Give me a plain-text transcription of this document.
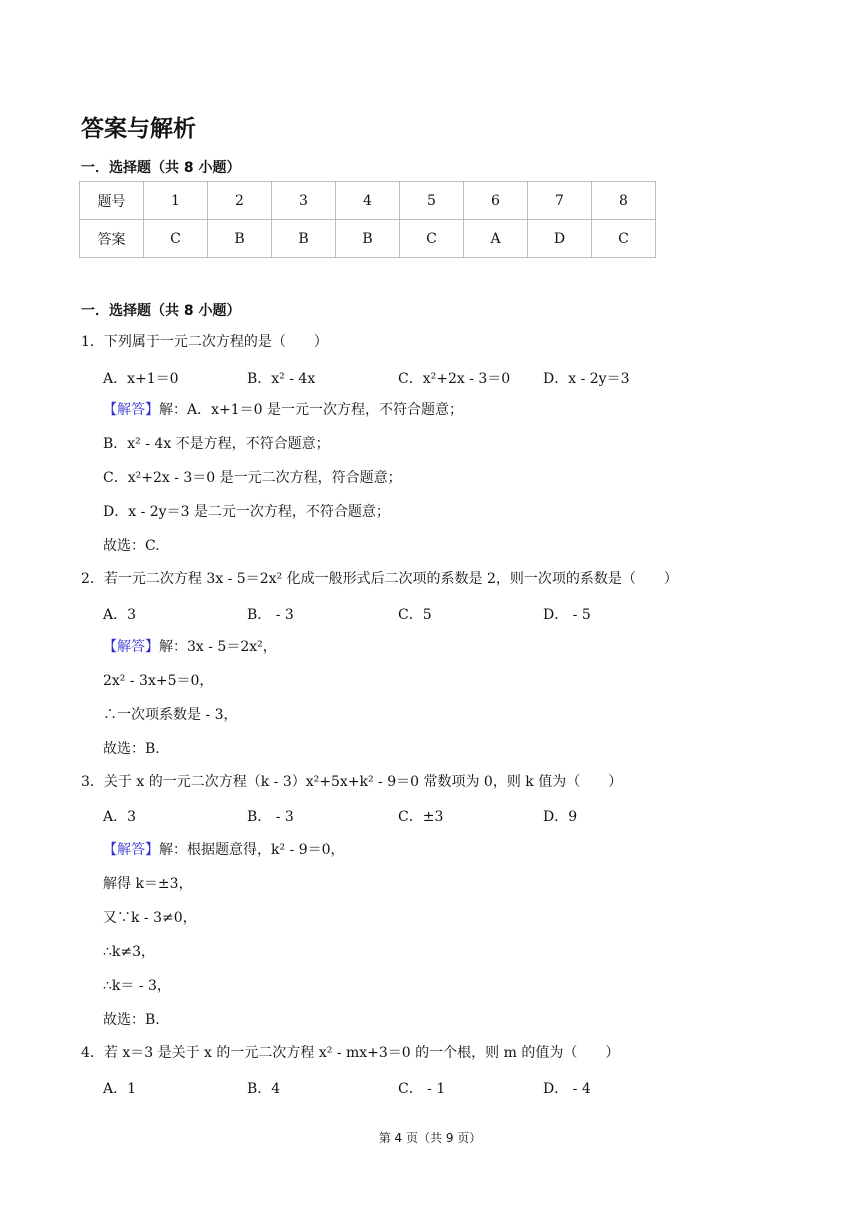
答案与解析
一．选择题（共 8 小题）
题号	1	2	3	4	5	6	7	8
答案	C	B	B	B	C	A	D	C
一．选择题（共 8 小题）
1．下列属于一元二次方程的是（　　）
A．x+1＝0	B．x² - 4x	C．x²+2x - 3＝0 D．x - 2y＝3
【解答】解：A．x+1＝0 是一元一次方程，不符合题意；
B．x² - 4x 不是方程，不符合题意；
C．x²+2x - 3＝0 是一元二次方程，符合题意；
D．x - 2y＝3 是二元一次方程，不符合题意；
故选：C.
2．若一元二次方程 3x - 5＝2x² 化成一般形式后二次项的系数是 2，则一次项的系数是（　　）
A．3	B． - 3	C．5	D． - 5
【解答】解：3x - 5＝2x²，
2x² - 3x+5＝0，
∴一次项系数是 - 3，
故选：B.
3．关于 x 的一元二次方程（k - 3）x²+5x+k² - 9＝0 常数项为 0，则 k 值为（　　）
A．3	B． - 3	C．±3	D．9
【解答】解：根据题意得，k² - 9＝0，
解得 k＝±3，
又∵k - 3≠0，
∴k≠3，
∴k＝ - 3，
故选：B.
4．若 x＝3 是关于 x 的一元二次方程 x² - mx+3＝0 的一个根，则 m 的值为（　　）
A．1	B．4	C． - 1	D． - 4
第 4 页（共 9 页）
